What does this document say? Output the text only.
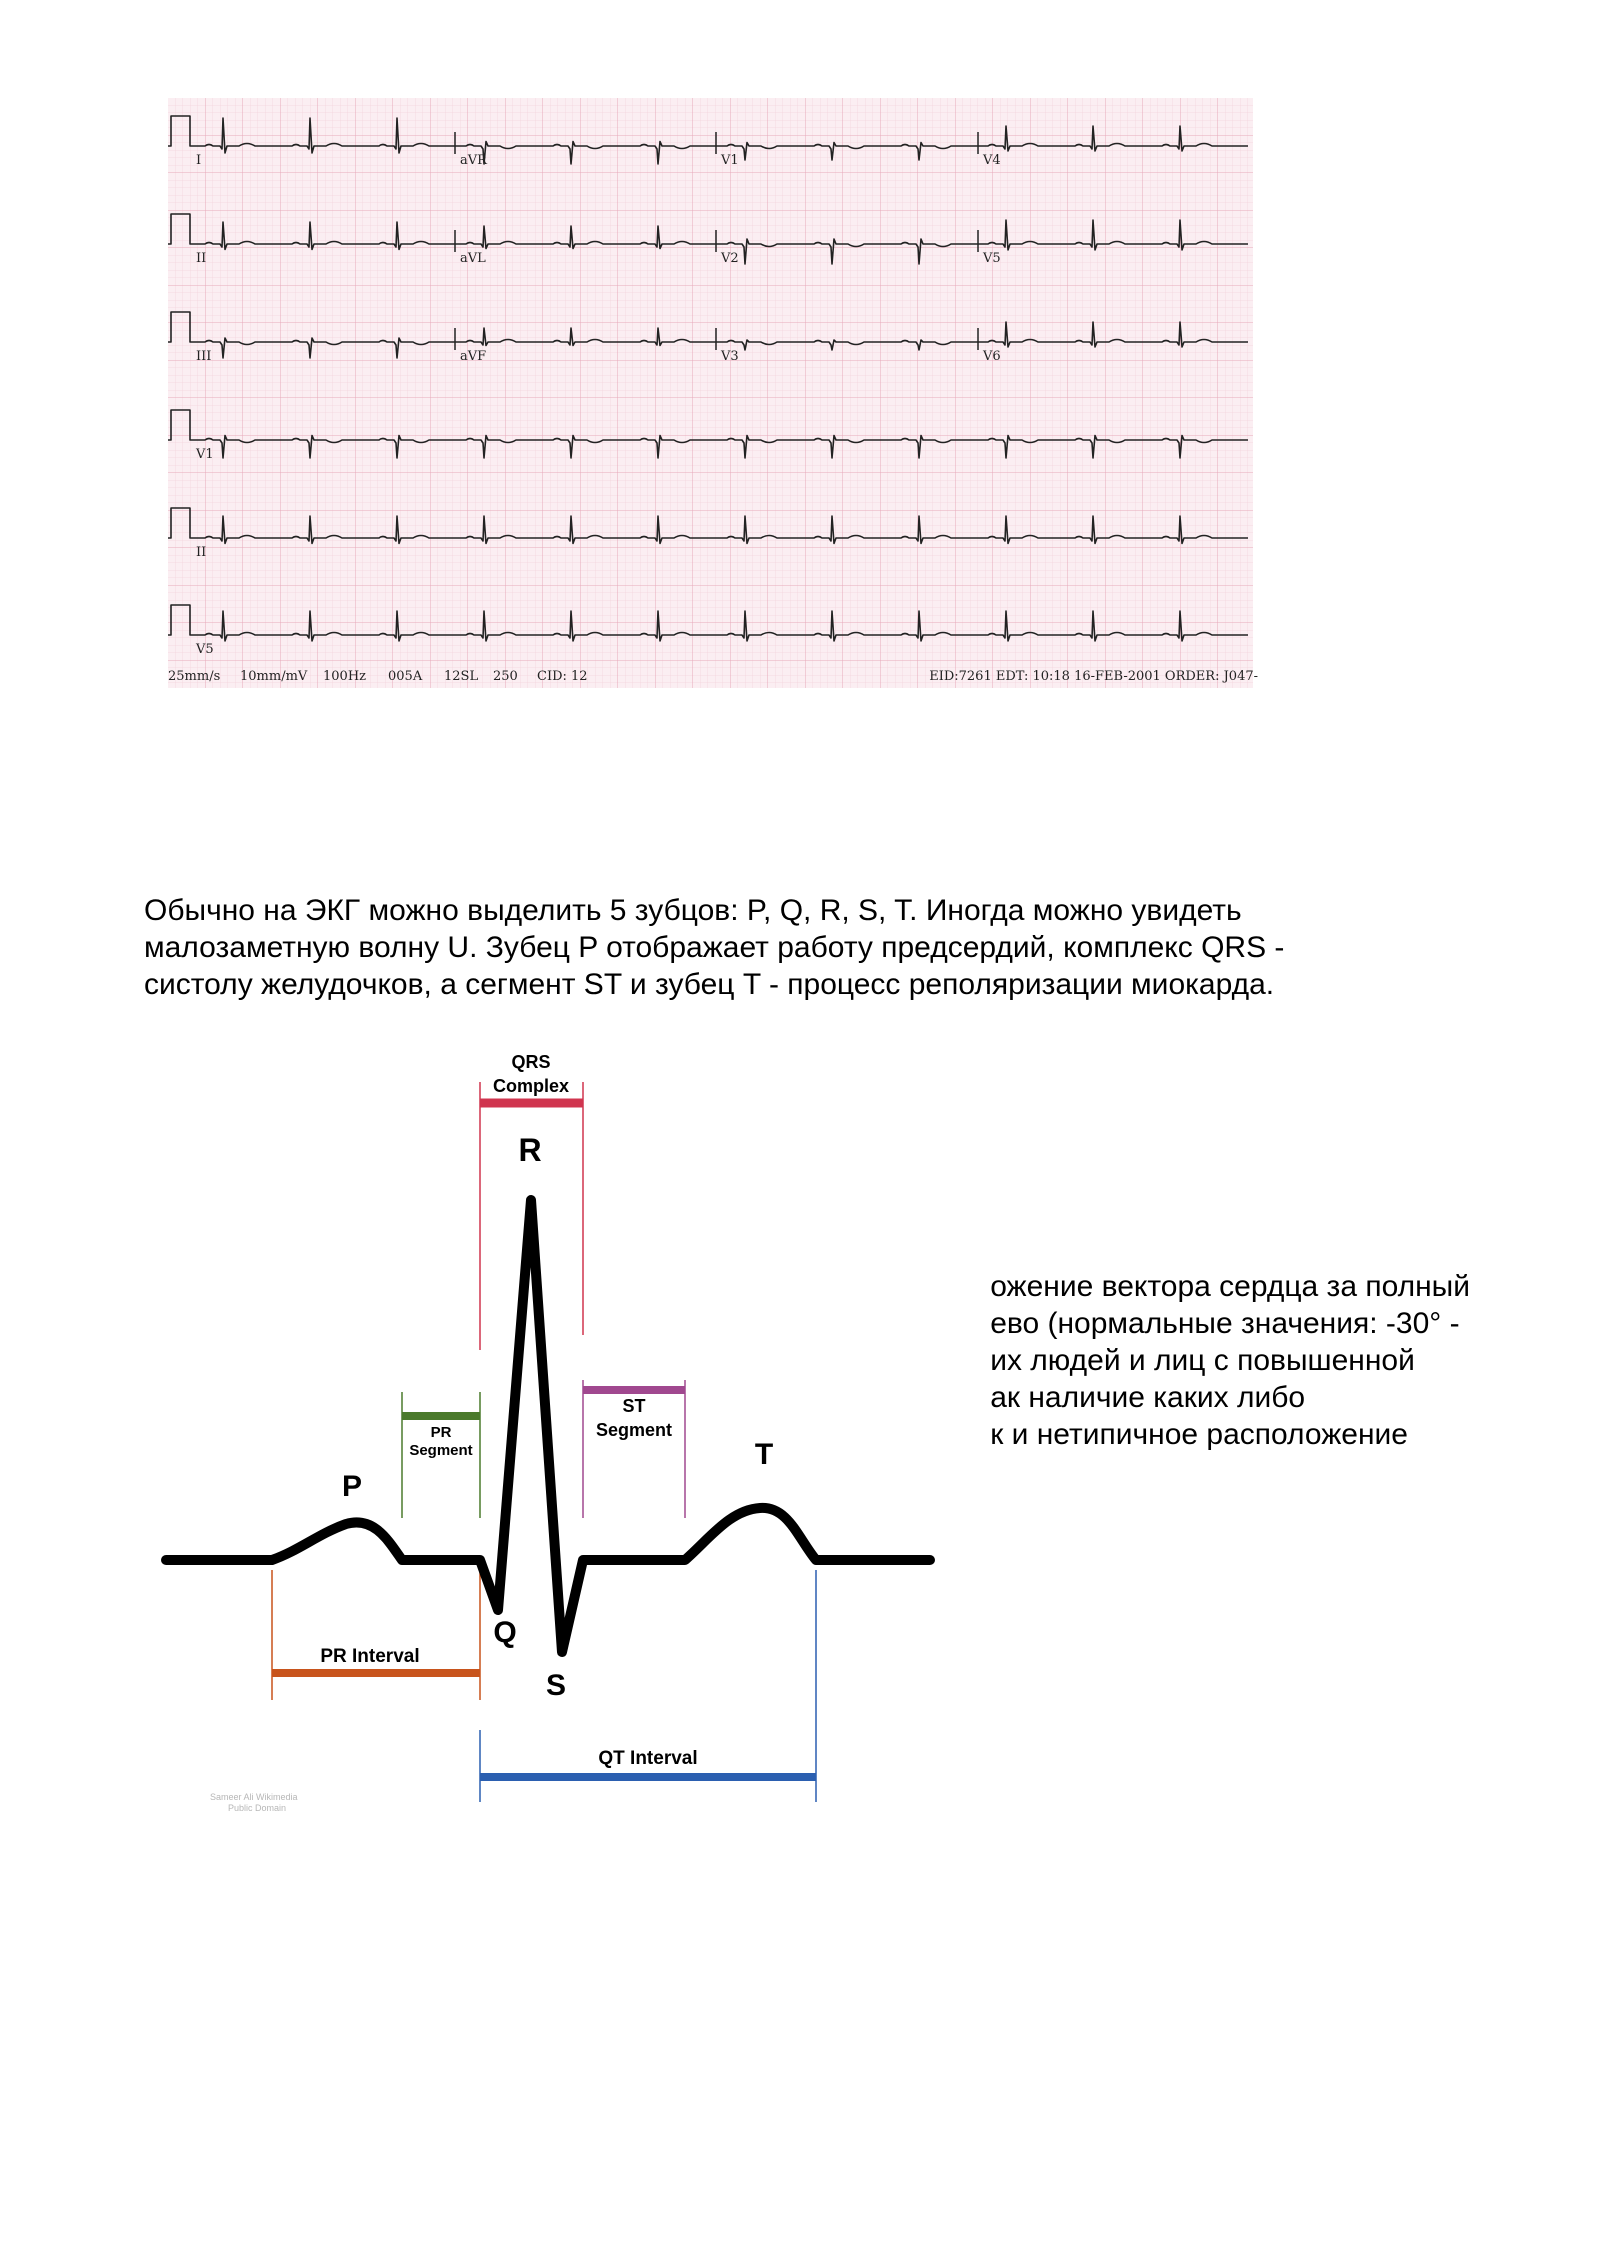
I	aVR	V1	V4
II	aVL	V2	V5
III	aVF	V3	V6
V1
II
V5
25mm/s 10mm/mV 100Hz 005A 12SL 250 CID: 12	EID:7261 EDT: 10:18 16-FEB-2001 ORDER: J047-

Обычно на ЭКГ можно выделить 5 зубцов: P, Q, R, S, T. Иногда можно увидеть
малозаметную волну U. Зубец P отображает работу предсердий, комплекс QRS -
систолу желудочков, а сегмент ST и зубец T - процесс реполяризации миокарда.

ожение вектора сердца за полный
ево (нормальные значения: -30° -
их людей и лиц с повышенной
ак наличие каких либо
к и нетипичное расположение
QRS
Complex
PR
Segment
ST
Segment
PR Interval
QT Interval
P
Q
R
S
T
Sameer Ali Wikimedia
Public Domain
